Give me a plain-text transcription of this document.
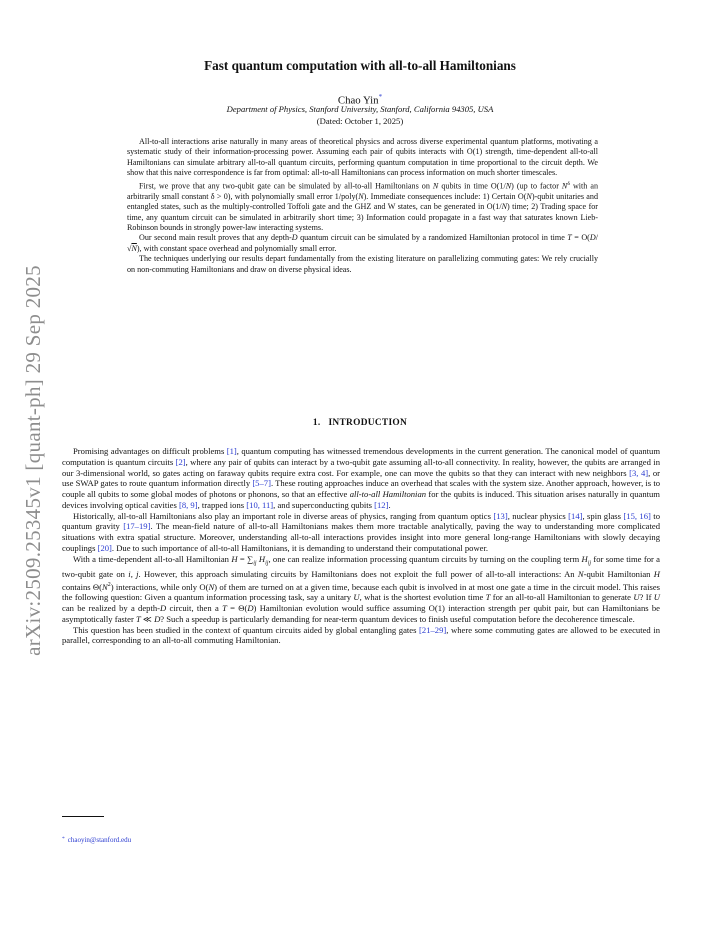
arXiv:2509.25345v1 [quant-ph] 29 Sep 2025
Fast quantum computation with all-to-all Hamiltonians
Chao Yin*
Department of Physics, Stanford University, Stanford, California 94305, USA
(Dated: October 1, 2025)

All-to-all interactions arise naturally in many areas of theoretical physics and across diverse experimental quantum platforms, motivating a systematic study of their information-processing power. Assuming each pair of qubits interacts with O(1) strength, time-dependent all-to-all Hamiltonians can simulate arbitrary all-to-all quantum circuits, performing quantum computation in time proportional to the circuit depth. We show that this naive correspondence is far from optimal: all-to-all Hamiltonians can process information on much shorter timescales.

First, we prove that any two-qubit gate can be simulated by all-to-all Hamiltonians on N qubits in time O(1/N) (up to factor $N^\delta$ with an arbitrarily small constant δ > 0), with polynomially small error 1/poly(N). Immediate consequences include: 1) Certain O(N)-qubit unitaries and entangled states, such as the multiply-controlled Toffoli gate and the GHZ and W states, can be generated in O(1/N) time; 2) Trading space for time, any quantum circuit can be simulated in arbitrarily short time; 3) Information could propagate in a fast way that saturates known Lieb-Robinson bounds in strongly power-law interacting systems.

Our second main result proves that any depth-D quantum circuit can be simulated by a randomized Hamiltonian protocol in time T = O(D/√N), with constant space overhead and polynomially small error.

The techniques underlying our results depart fundamentally from the existing literature on parallelizing commuting gates: We rely crucially on non-commuting Hamiltonians and draw on diverse physical ideas.

1. INTRODUCTION

Promising advantages on difficult problems [1], quantum computing has witnessed tremendous developments in the current generation. The canonical model of quantum computation is quantum circuits [2], where any pair of qubits can interact by a two-qubit gate assuming all-to-all connectivity. In reality, however, the qubits are arranged in our 3-dimensional world, so gates acting on faraway qubits require extra cost. For example, one can move the qubits so that they can interact with new neighbors [3, 4], or use SWAP gates to route quantum information directly [5–7]. These routing approaches induce an overhead that scales with the system size. Another approach, however, is to couple all qubits to some global modes of photons or phonons, so that an effective all-to-all Hamiltonian for the qubits is induced. This situation arises naturally in quantum devices involving optical cavities [8, 9], trapped ions [10, 11], and superconducting qubits [12].

Historically, all-to-all Hamiltonians also play an important role in diverse areas of physics, ranging from quantum optics [13], nuclear physics [14], spin glass [15, 16] to quantum gravity [17–19]. The mean-field nature of all-to-all Hamiltonians makes them more tractable analytically, paving the way to understanding more complicated situations with extra spatial structure. Moreover, understanding all-to-all interactions provides insight into more general long-range Hamiltonians with slowly decaying couplings [20]. Due to such importance of all-to-all Hamiltonians, it is demanding to understand their computational power.

With a time-dependent all-to-all Hamiltonian $H = \sum_{ij}$ $H_{ij}$, one can realize information processing quantum circuits by turning on the coupling term $H_{ij}$ for some time for a two-qubit gate on i, j. However, this approach simulating circuits by Hamiltonians does not exploit the full power of all-to-all interactions: An N-qubit Hamiltonian H contains $\Theta(N^2)$ interactions, while only O(N) of them are turned on at a given time, because each qubit is involved in at most one gate a time in the circuit model. This raises the following question: Given a quantum information processing task, say a unitary U, what is the shortest evolution time T for an all-to-all Hamiltonian to generate U? If U can be realized by a depth-D circuit, then a T = Θ(D) Hamiltonian evolution would suffice assuming O(1) interaction strength per qubit pair, but can Hamiltonians be asymptotically faster T ≪ D? Such a speedup is particularly demanding for near-term quantum devices to finish useful computation before the decoherence timescale.

This question has been studied in the context of quantum circuits aided by global entangling gates [21–29], where some commuting gates are allowed to be executed in parallel, corresponding to an all-to-all commuting Hamiltonian.

* chaoyin@stanford.edu
